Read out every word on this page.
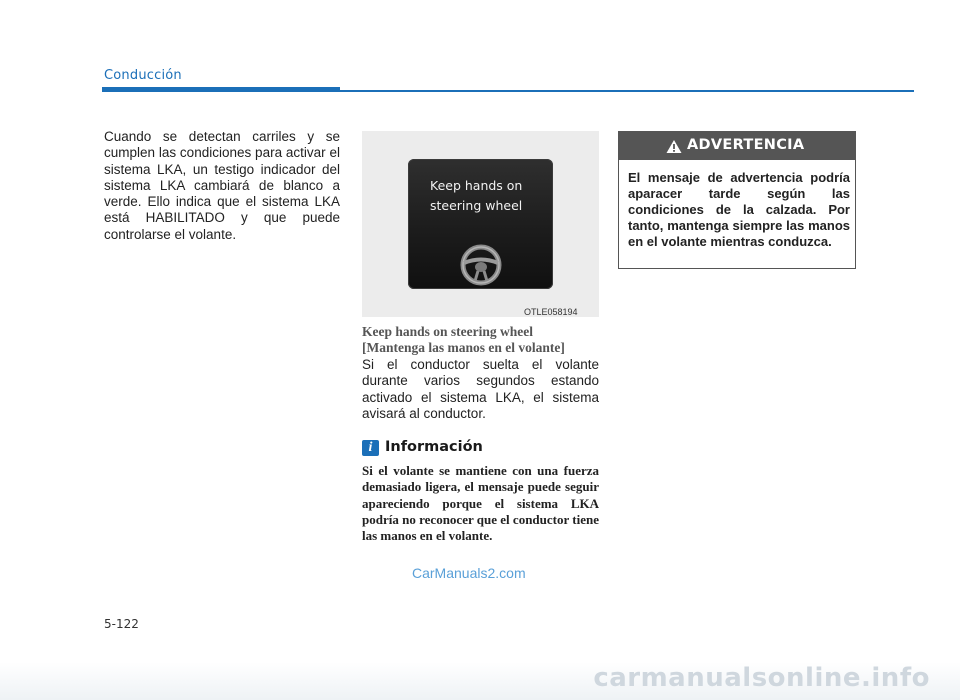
Conducción
Cuando se detectan carriles y se cumplen las condiciones para activar el sistema LKA, un testigo indicador del sistema LKA cambiará de blanco a verde. Ello indica que el sistema LKA está HABILITADO y que puede controlarse el volante.
Keep hands on
steering wheel
OTLE058194
Keep hands on steering wheel
[Mantenga las manos en el volante]
Si el conductor suelta el volante durante varios segundos estando activado el sistema LKA, el sistema avisará al conductor.
i Información
Si el volante se mantiene con una fuerza demasiado ligera, el mensaje puede seguir apareciendo porque el sistema LKA podría no reconocer que el conductor tiene las manos en el volante.
ADVERTENCIA
El mensaje de advertencia podría aparacer tarde según las condiciones de la calzada. Por tanto, mantenga siempre las manos en el volante mientras conduzca.
CarManuals2.com
5-122
carmanualsonline.info
